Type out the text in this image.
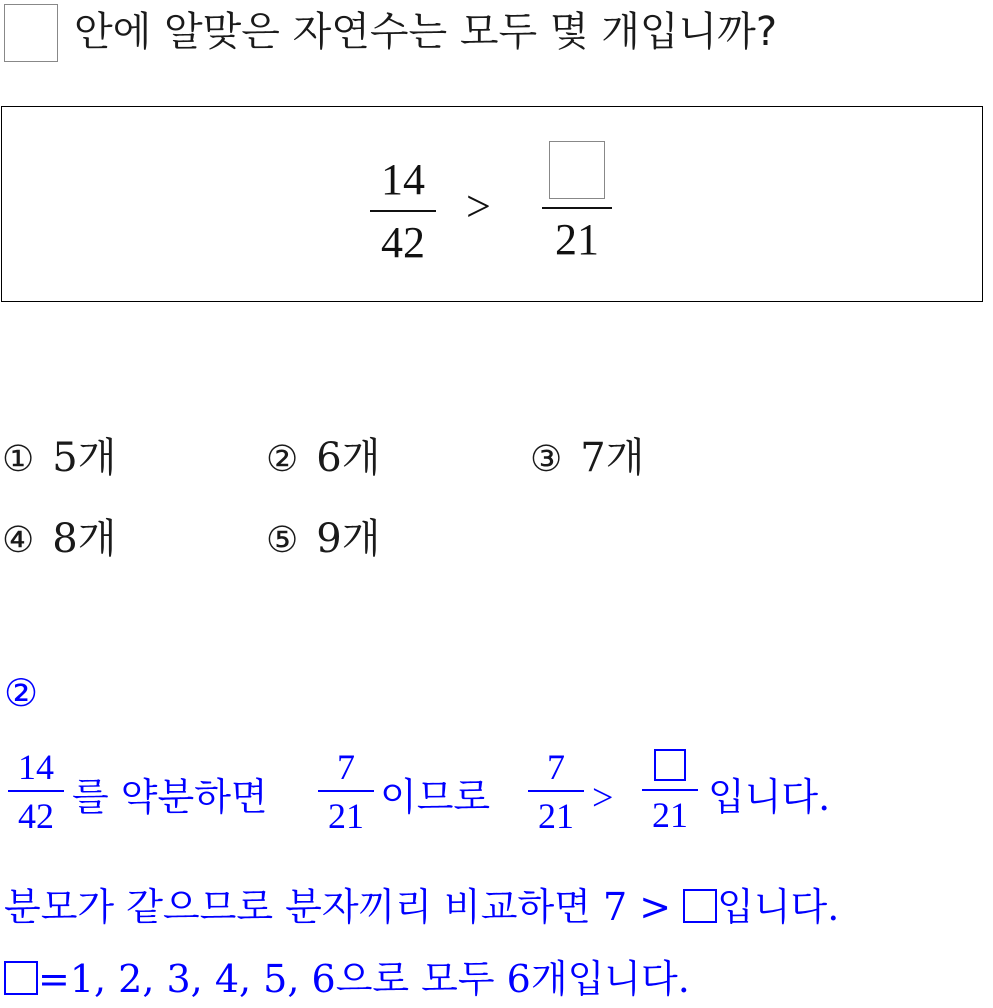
안에 알맞은 자연수는 모두 몇 개입니까?
14
42
>
21
① 5개	② 6개	③ 7개
④ 8개	⑤ 9개
②
14
42 를 약분하면
7
21 이므로
7
21 > 21 입니다.
분모가 같으므로 분자끼리 비교하면 7 > 입니다.
=1, 2, 3, 4, 5, 6으로 모두 6개입니다.
